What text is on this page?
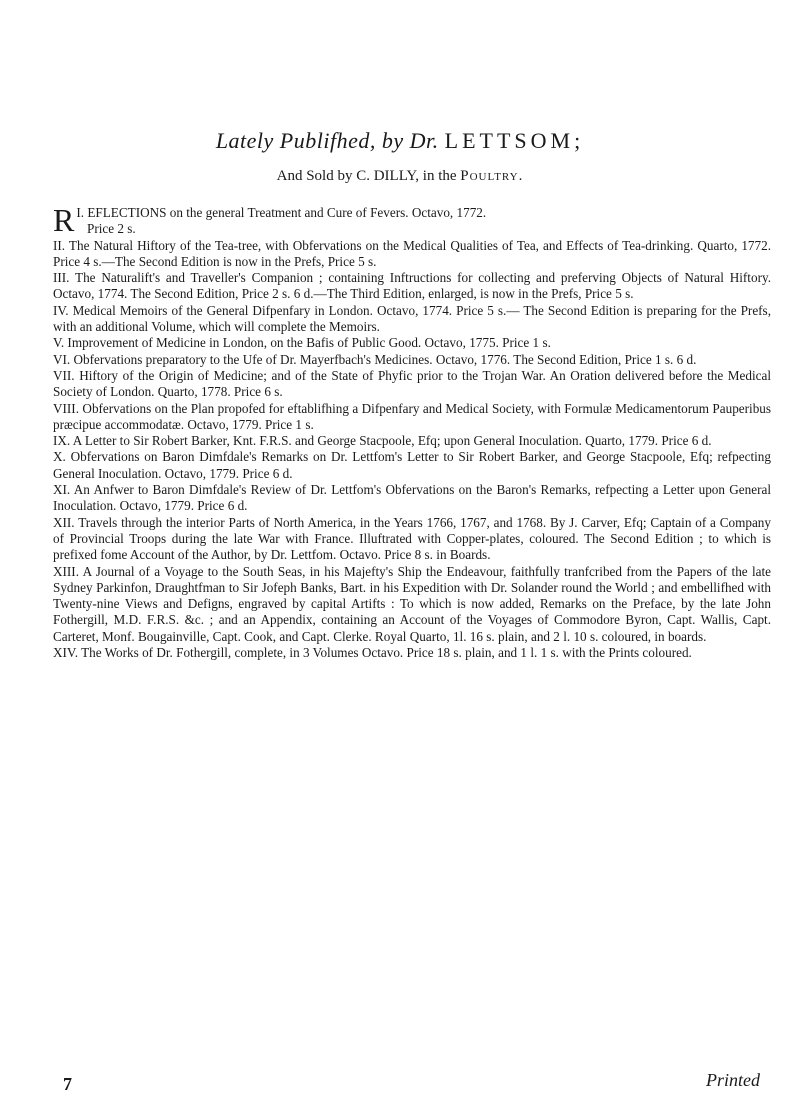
Lately Publifhed, by Dr. LETTSOM;
And Sold by C. DILLY, in the Poultry.

I.
R EFLECTIONS on the general Treatment and Cure of Fevers. Octavo, 1772.
Price 2 s.

II. The Natural Hiftory of the Tea-tree, with Obfervations on the Medical Qualities of Tea, and Effects of Tea-drinking. Quarto, 1772. Price 4 s.—The Second Edition is now in the Prefs, Price 5 s.

III. The Naturalift's and Traveller's Companion ; containing Inftructions for collecting and preferving Objects of Natural Hiftory. Octavo, 1774. The Second Edition, Price 2 s. 6 d.—The Third Edition, enlarged, is now in the Prefs, Price 5 s.

IV. Medical Memoirs of the General Difpenfary in London. Octavo, 1774. Price 5 s.— The Second Edition is preparing for the Prefs, with an additional Volume, which will complete the Memoirs.

V. Improvement of Medicine in London, on the Bafis of Public Good. Octavo, 1775. Price 1 s.

VI. Obfervations preparatory to the Ufe of Dr. Mayerfbach's Medicines. Octavo, 1776. The Second Edition, Price 1 s. 6 d.

VII. Hiftory of the Origin of Medicine; and of the State of Phyfic prior to the Trojan War. An Oration delivered before the Medical Society of London. Quarto, 1778. Price 6 s.

VIII. Obfervations on the Plan propofed for eftablifhing a Difpenfary and Medical Society, with Formulæ Medicamentorum Pauperibus præcipue accommodatæ. Octavo, 1779. Price 1 s.

IX. A Letter to Sir Robert Barker, Knt. F.R.S. and George Stacpoole, Efq; upon General Inoculation. Quarto, 1779. Price 6 d.

X. Obfervations on Baron Dimfdale's Remarks on Dr. Lettfom's Letter to Sir Robert Barker, and George Stacpoole, Efq; refpecting General Inoculation. Octavo, 1779. Price 6 d.

XI. An Anfwer to Baron Dimfdale's Review of Dr. Lettfom's Obfervations on the Baron's Remarks, refpecting a Letter upon General Inoculation. Octavo, 1779. Price 6 d.

XII. Travels through the interior Parts of North America, in the Years 1766, 1767, and 1768. By J. Carver, Efq; Captain of a Company of Provincial Troops during the late War with France. Illuftrated with Copper-plates, coloured. The Second Edition ; to which is prefixed fome Account of the Author, by Dr. Lettfom. Octavo. Price 8 s. in Boards.

XIII. A Journal of a Voyage to the South Seas, in his Majefty's Ship the Endeavour, faithfully tranfcribed from the Papers of the late Sydney Parkinfon, Draughtfman to Sir Jofeph Banks, Bart. in his Expedition with Dr. Solander round the World ; and embellifhed with Twenty-nine Views and Defigns, engraved by capital Artifts : To which is now added, Remarks on the Preface, by the late John Fothergill, M.D. F.R.S. &c. ; and an Appendix, containing an Account of the Voyages of Commodore Byron, Capt. Wallis, Capt. Carteret, Monf. Bougainville, Capt. Cook, and Capt. Clerke. Royal Quarto, 1l. 16 s. plain, and 2 l. 10 s. coloured, in boards.

XIV. The Works of Dr. Fothergill, complete, in 3 Volumes Octavo. Price 18 s. plain, and 1 l. 1 s. with the Prints coloured.

7	Printed
